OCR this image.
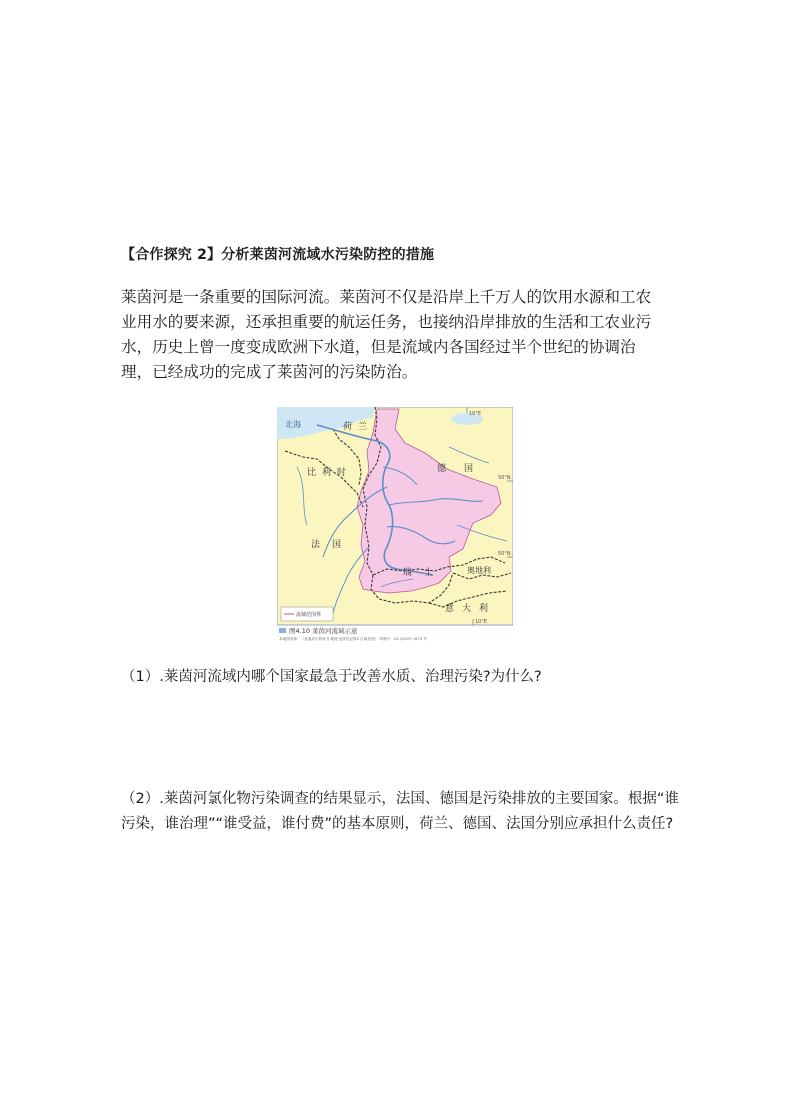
【合作探究 2】分析莱茵河流域水污染防控的措施

莱茵河是一条重要的国际河流。莱茵河不仅是沿岸上千万人的饮用水源和工农业用水的要来源，还承担重要的航运任务，也接纳沿岸排放的生活和工农业污水，历史上曾一度变成欧洲下水道，但是流域内各国经过半个世纪的协调治理，已经成功的完成了莱茵河的污染防治。

北海	荷兰
比利时	德国
法国
瑞士	奥地利
意大利
10°E
10°E
50°N
50°N
流域范围界
图4.10 莱茵河流域示意
本地图来源：《普通高中教科书 地理 选择性必修2 区域发展》 审图号：GS (2019) 1673 号

（1）.莱茵河流域内哪个国家最急于改善水质、治理污染?为什么?

（2）.莱茵河氯化物污染调查的结果显示，法国、德国是污染排放的主要国家。根据“谁污染，谁治理”“谁受益，谁付费”的基本原则，荷兰、德国、法国分别应承担什么责任?
